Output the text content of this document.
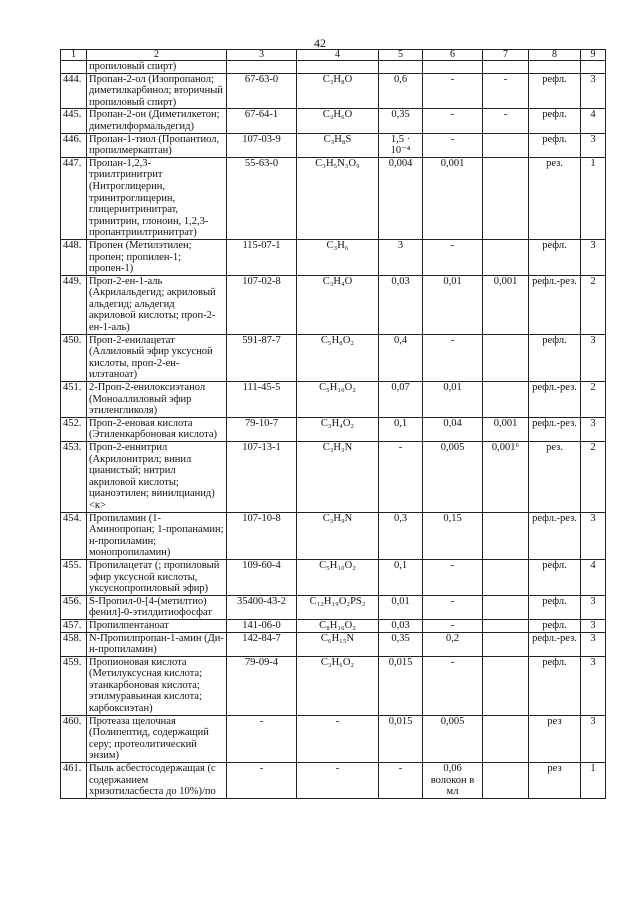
42
1	2	3	4	5	6	7	8	9
	пропиловый спирт)							
444.	Пропан-2-ол (Изопропанол; диметилкарбинол; вторичный пропиловый спирт)	67-63-0	C₃H₈O	0,6	-	-	рефл.	3
445.	Пропан-2-он (Диметилкетон; диметилформальдегид)	67-64-1	C₃H₆O	0,35	-	-	рефл.	4
446.	Пропан-1-тиол (Пропантиол, пропилмеркаптан)	107-03-9	C₃H₈S	1,5 · 10⁻⁴	-		рефл.	3
447.	Пропан-1,2,3-триилтринитрит (Нитроглицерин, тринитроглицерин, глицеринтринитрат, тринитрин, глоноин, 1,2,3-пропантриилтринитрат)	55-63-0	C₃H₅N₃O₉	0,004	0,001		рез.	1
448.	Пропен (Метилэтилен; пропен; пропилен-1; пропен-1)	115-07-1	C₃H₆	3	-		рефл.	3
449.	Проп-2-ен-1-аль (Акрилальдегид; акриловый альдегид; альдегид акриловой кислоты; проп-2-ен-1-аль)	107-02-8	C₃H₄O	0,03	0,01	0,001	рефл.-рез.	2
450.	Проп-2-енилацетат (Аллиловый эфир уксусной кислоты, проп-2-ен-илэтаноат)	591-87-7	C₅H₈O₂	0,4	-		рефл.	3
451.	2-Проп-2-енилоксиэтанол (Моноаллиловый эфир этиленгликоля)	111-45-5	C₅H₁₀O₂	0,07	0,01		рефл.-рез.	2
452.	Проп-2-еновая кислота (Этиленкарбоновая кислота)	79-10-7	C₃H₄O₂	0,1	0,04	0,001	рефл.-рез.	3
453.	Проп-2-еннитрил (Акрилонитрил; винил цианистый; нитрил акриловой кислоты; цианоэтилен; винилцианид) <к>	107-13-1	C₃H₃N	-	0,005	0,001⁶	рез.	2
454.	Пропиламин (1-Аминопропан; 1-пропанамин; н-пропиламин; монопропиламин)	107-10-8	C₃H₉N	0,3	0,15		рефл.-рез.	3
455.	Пропилацетат (; пропиловый эфир уксусной кислоты, уксуснопропиловый эфир)	109-60-4	C₅H₁₀O₂	0,1	-		рефл.	4
456.	S-Пропил-0-[4-(метилтио) фенил]-0-этилдитиофосфат	35400-43-2	C₁₂H₁₉O₂PS₂	0,01	-		рефл.	3
457.	Пропилпентаноат	141-06-0	C₈H₁₆O₂	0,03	-		рефл.	3
458.	N-Пропилпропан-1-амин (Ди-н-пропиламин)	142-84-7	C₆H₁₅N	0,35	0,2		рефл.-рез.	3
459.	Пропионовая кислота (Метилуксусная кислота; этанкарбоновая кислота; этилмуравьиная кислота; карбоксиэтан)	79-09-4	C₃H₆O₂	0,015	-		рефл.	3
460.	Протеаза щелочная (Полипептид, содержащий серу; протеолитический энзим)	-	-	0,015	0,005		рез	3
461.	Пыль асбестосодержащая (с содержанием хризотиласбеста до 10%)/по	-	-	-	0,06 волокон в мл		рез	1
